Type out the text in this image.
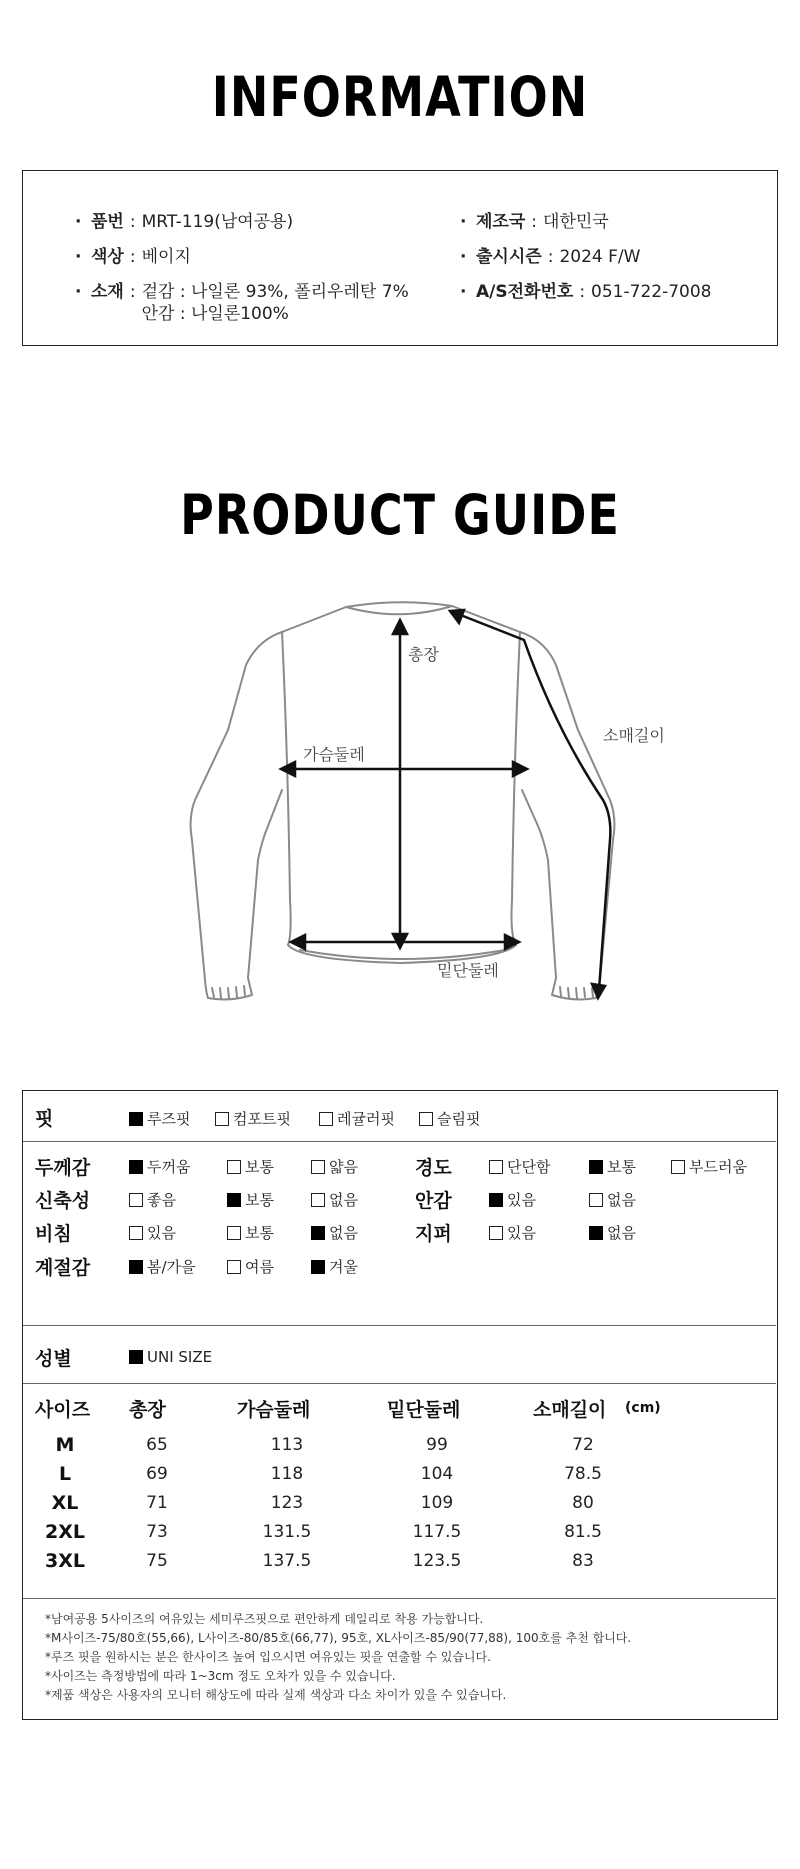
INFORMATION
· 품번 : MRT-119(남여공용)
· 색상 : 베이지
· 소재 : 겉감 : 나일론 93%, 폴리우레탄 7%
안감 : 나일론100%
· 제조국 : 대한민국
· 출시시즌 : 2024 F/W
· A/S전화번호 : 051-722-7008
PRODUCT GUIDE
총장
가슴둘레
소매길이
밑단둘레
핏	루즈핏	컴포트핏	레귤러핏	슬림핏
두께감	두꺼움	보통	얇음
신축성	좋음	보통	없음
비침	있음	보통	없음
계절감	봄/가을	여름	겨울
경도	단단함	보통	부드러움
안감	있음	없음
지퍼	있음	없음
성별	UNI SIZE
사이즈 총장	가슴둘레	밑단둘레	소매길이 (cm)
M	65	113	99	72
L	69	118	104	78.5
XL	71	123	109	80
2XL	73	131.5	117.5	81.5
3XL	75	137.5	123.5	83
*남여공용 5사이즈의 여유있는 세미루즈핏으로 편안하게 데일리로 착용 가능합니다.
*M사이즈-75/80호(55,66), L사이즈-80/85호(66,77), 95호, XL사이즈-85/90(77,88), 100호를 추천 합니다.
*루즈 핏을 원하시는 분은 한사이즈 높여 입으시면 여유있는 핏을 연출할 수 있습니다.
*사이즈는 측정방법에 따라 1~3cm 정도 오차가 있을 수 있습니다.
*제품 색상은 사용자의 모니터 해상도에 따라 실제 색상과 다소 차이가 있을 수 있습니다.
